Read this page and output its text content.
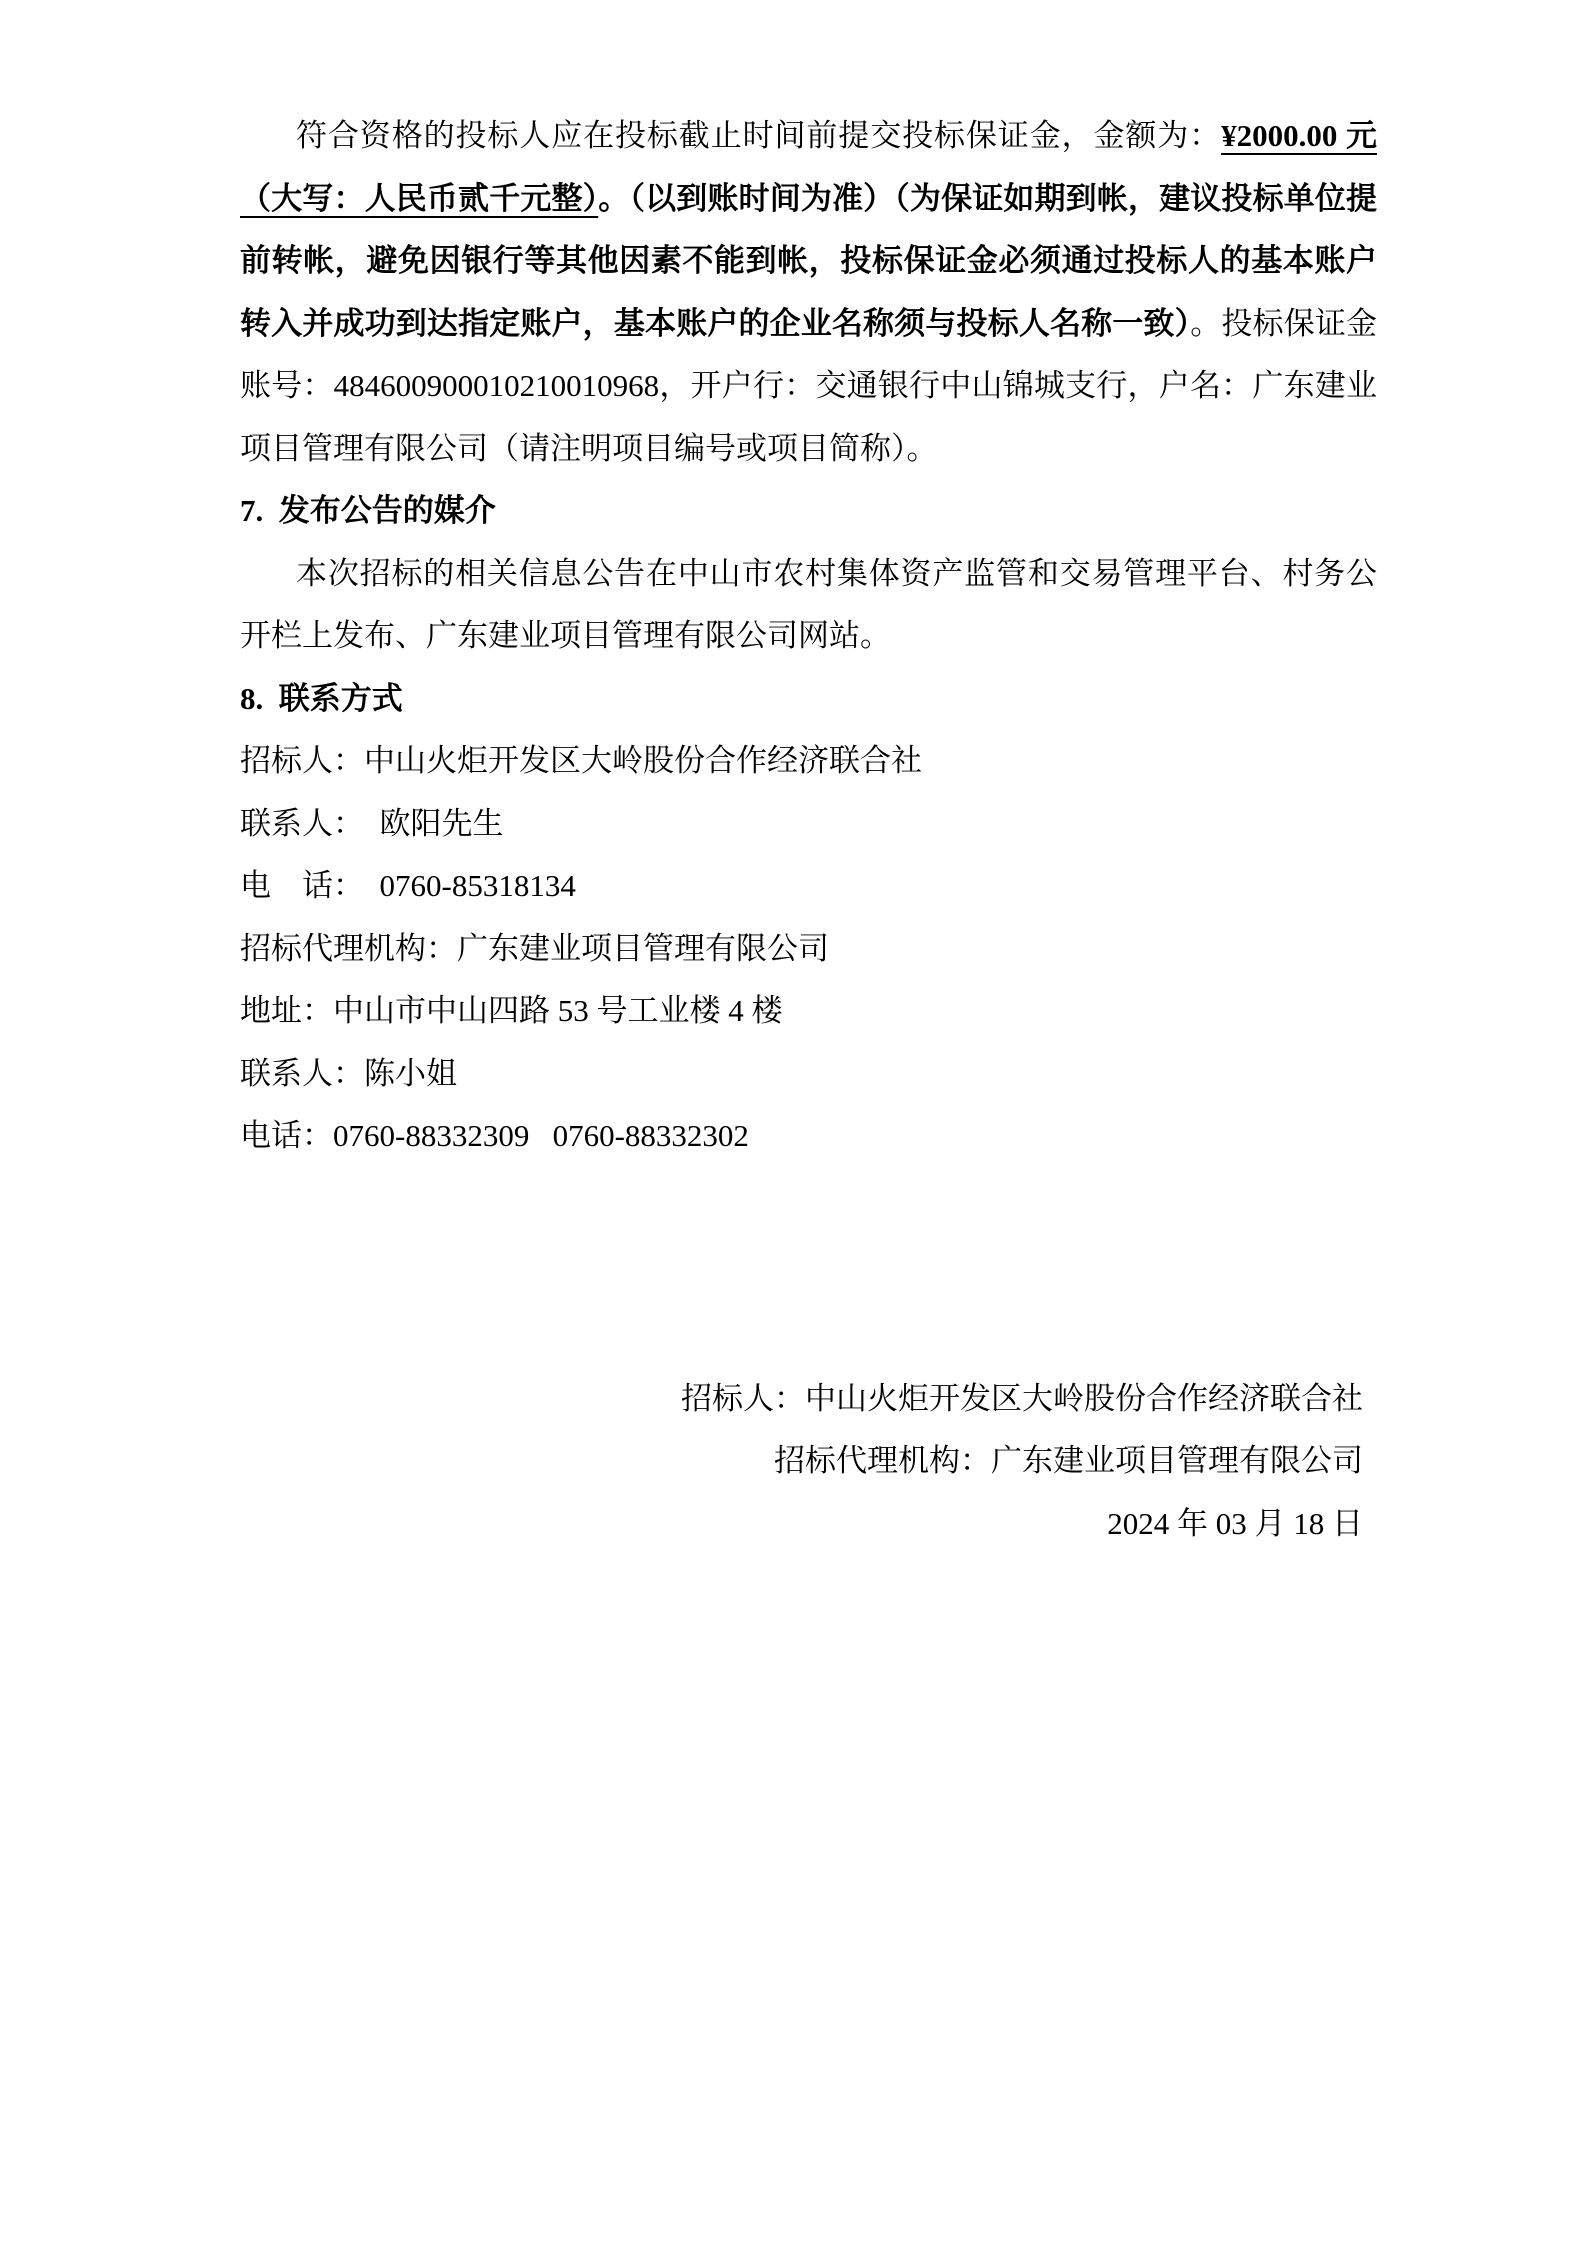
符合资格的投标人应在投标截止时间前提交投标保证金，金额为：¥2000.00 元（大写：人民币贰千元整）。（以到账时间为准）（为保证如期到帐，建议投标单位提前转帐，避免因银行等其他因素不能到帐，投标保证金必须通过投标人的基本账户转入并成功到达指定账户，基本账户的企业名称须与投标人名称一致）。投标保证金账号：484600900010210010968，开户行：交通银行中山锦城支行，户名：广东建业项目管理有限公司（请注明项目编号或项目简称）。

7.  发布公告的媒介

本次招标的相关信息公告在中山市农村集体资产监管和交易管理平台、村务公开栏上发布、广东建业项目管理有限公司网站。

8.  联系方式
招标人：中山火炬开发区大岭股份合作经济联合社
联系人：  欧阳先生
电　话：  0760-85318134
招标代理机构：广东建业项目管理有限公司
地址：中山市中山四路 53 号工业楼 4 楼
联系人：陈小姐
电话：0760-88332309   0760-88332302
招标人：中山火炬开发区大岭股份合作经济联合社
招标代理机构：广东建业项目管理有限公司
2024 年 03 月 18 日
